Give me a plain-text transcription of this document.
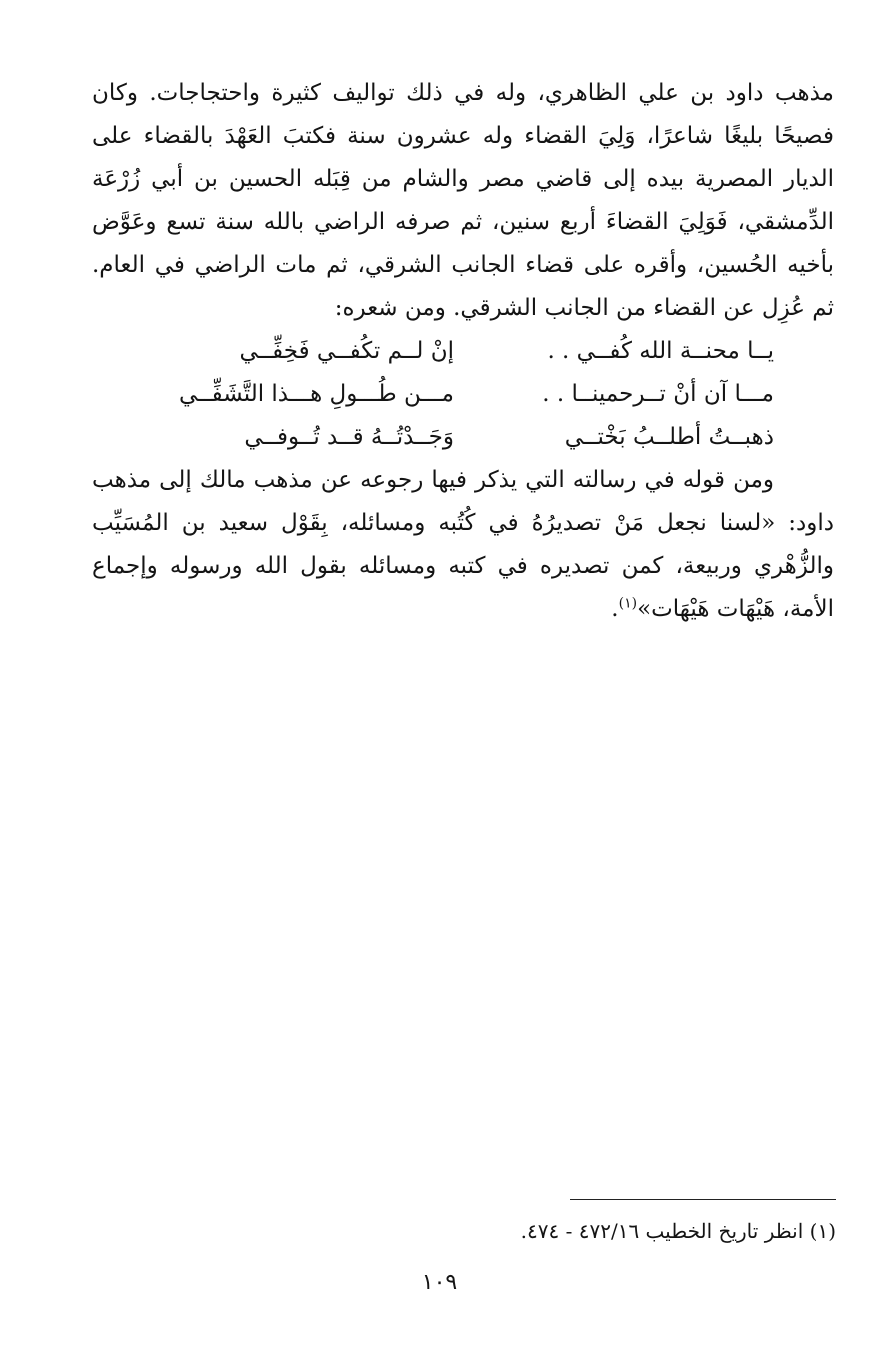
مذهب داود بن علي الظاهري، وله في ذلك تواليف كثيرة واحتجاجات. وكان فصيحًا بليغًا شاعرًا، وَلِيَ القضاء وله عشرون سنة فكتبَ العَهْدَ بالقضاء على الديار المصرية بيده إلى قاضي مصر والشام من قِبَله الحسين بن أبي زُرْعَة الدِّمشقي، فَوَلِيَ القضاءَ أربع سنين، ثم صرفه الراضي بالله سنة تسع وعَوَّض بأخيه الحُسين، وأقره على قضاء الجانب الشرقي، ثم مات الراضي في العام. ثم عُزِل عن القضاء من الجانب الشرقي. ومن شعره:

يــا محنــة الله كُفــي . .
إنْ لــم تكُفــي فَخِفِّــي
مـــا آن أنْ تــرحمينــا . .
مـــن طُـــولِ هـــذا التَّشَفِّــي
ذهبــتُ أطلــبُ بَخْتــي
وَجَــدْتُــهُ قــد تُــوفــي

ومن قوله في رسالته التي يذكر فيها رجوعه عن مذهب مالك إلى مذهب داود: «لسنا نجعل مَنْ تصديرُهُ في كُتُبه ومسائله، بِقَوْل سعيد بن المُسَيِّب والزُّهْري وربيعة، كمن تصديره في كتبه ومسائله بقول الله ورسوله وإجماع الأمة، هَيْهَات هَيْهَات»$^{(١)}$.

(١) انظر تاريخ الخطيب ٤٧٢/١٦ - ٤٧٤.
١٠٩
